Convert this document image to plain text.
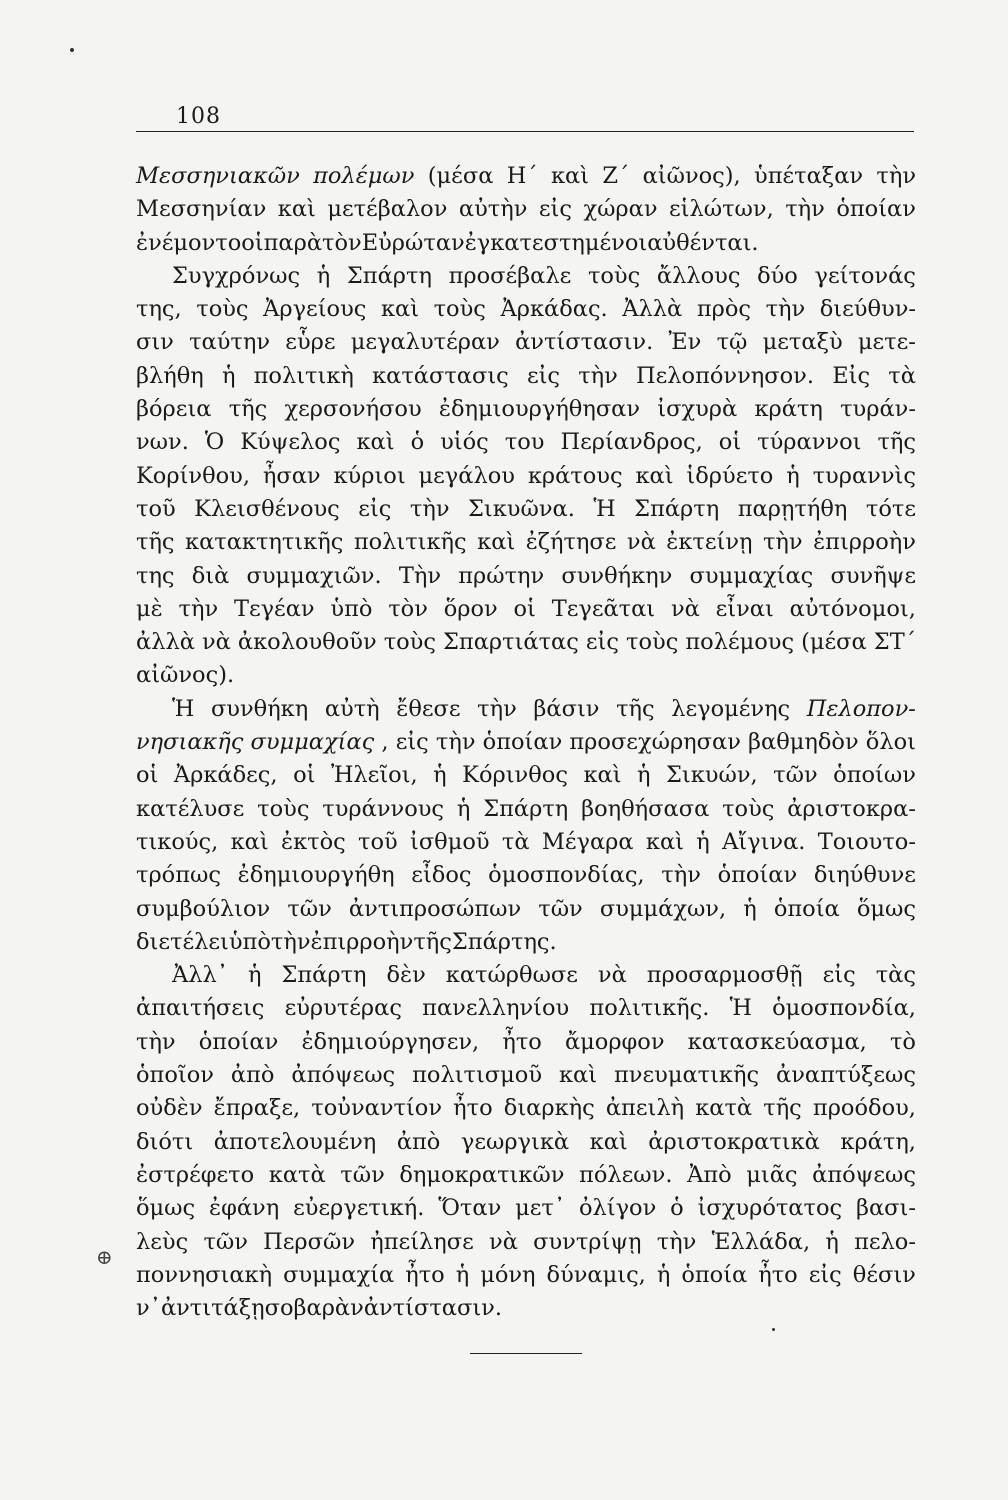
108
Μεσσηνιακῶν πολέμων (μέσα Η΄ καὶ Ζ΄ αἰῶνος), ὑπέταξαν τὴν
Μεσσηνίαν καὶ μετέβαλον αὐτὴν εἰς χώραν εἱλώτων, τὴν ὁποίαν
ἐνέμοντο οἱ παρὰ τὸν Εὐρώταν ἐγκατεστημένοι αὐθένται.
Συγχρόνως ἡ Σπάρτη προσέβαλε τοὺς ἄλλους δύο γείτονάς
της, τοὺς Ἀργείους καὶ τοὺς Ἀρκάδας. Ἀλλὰ πρὸς τὴν διεύθυν-
σιν ταύτην εὗρε μεγαλυτέραν ἀντίστασιν. Ἐν τῷ μεταξὺ μετε-
βλήθη ἡ πολιτικὴ κατάστασις εἰς τὴν Πελοπόννησον. Εἰς τὰ
βόρεια τῆς χερσονήσου ἐδημιουργήθησαν ἰσχυρὰ κράτη τυράν-
νων. Ὁ Κύψελος καὶ ὁ υἱός του Περίανδρος, οἱ τύραννοι τῆς
Κορίνθου, ἦσαν κύριοι μεγάλου κράτους καὶ ἱδρύετο ἡ τυραννὶς
τοῦ Κλεισθένους εἰς τὴν Σικυῶνα. Ἡ Σπάρτη παρῃτήθη τότε
τῆς κατακτητικῆς πολιτικῆς καὶ ἐζήτησε νὰ ἐκτείνῃ τὴν ἐπιρροὴν
της διὰ συμμαχιῶν. Τὴν πρώτην συνθήκην συμμαχίας συνῆψε
μὲ τὴν Τεγέαν ὑπὸ τὸν ὅρον οἱ Τεγεᾶται νὰ εἶναι αὐτόνομοι,
ἀλλὰ νὰ ἀκολουθοῦν τοὺς Σπαρτιάτας εἰς τοὺς πολέμους (μέσα ΣΤ΄
αἰῶνος).
Ἡ συνθήκη αὐτὴ ἔθεσε τὴν βάσιν τῆς λεγομένης Πελοπον-
νησιακῆς συμμαχίας , εἰς τὴν ὁποίαν προσεχώρησαν βαθμηδὸν ὅλοι
οἱ Ἀρκάδες, οἱ Ἠλεῖοι, ἡ Κόρινθος καὶ ἡ Σικυών, τῶν ὁποίων
κατέλυσε τοὺς τυράννους ἡ Σπάρτη βοηθήσασα τοὺς ἀριστοκρα-
τικούς, καὶ ἐκτὸς τοῦ ἰσθμοῦ τὰ Μέγαρα καὶ ἡ Αἴγινα. Τοιουτο-
τρόπως ἐδημιουργήθη εἶδος ὁμοσπονδίας, τὴν ὁποίαν διηύθυνε
συμβούλιον τῶν ἀντιπροσώπων τῶν συμμάχων, ἡ ὁποία ὅμως
διετέλει ὑπὸ τὴν ἐπιρροὴν τῆς Σπάρτης.
Ἀλλ᾽ ἡ Σπάρτη δὲν κατώρθωσε νὰ προσαρμοσθῇ εἰς τὰς
ἀπαιτήσεις εὐρυτέρας πανελληνίου πολιτικῆς. Ἡ ὁμοσπονδία,
τὴν ὁποίαν ἐδημιούργησεν, ἦτο ἄμορφον κατασκεύασμα, τὸ
ὁποῖον ἀπὸ ἀπόψεως πολιτισμοῦ καὶ πνευματικῆς ἀναπτύξεως
οὐδὲν ἔπραξε, τοὐναντίον ἦτο διαρκὴς ἀπειλὴ κατὰ τῆς προόδου,
διότι ἀποτελουμένη ἀπὸ γεωργικὰ καὶ ἀριστοκρατικὰ κράτη,
ἐστρέφετο κατὰ τῶν δημοκρατικῶν πόλεων. Ἀπὸ μιᾶς ἀπόψεως
ὅμως ἐφάνη εὐεργετική. Ὅταν μετ᾽ ὀλίγον ὁ ἰσχυρότατος βασι-
λεὺς τῶν Περσῶν ἠπείλησε νὰ συντρίψῃ τὴν Ἑλλάδα, ἡ πελο-
ποννησιακὴ συμμαχία ἦτο ἡ μόνη δύναμις, ἡ ὁποία ἦτο εἰς θέσιν
ν᾽ ἀντιτάξῃ σοβαρὰν ἀντίστασιν.
⊕
